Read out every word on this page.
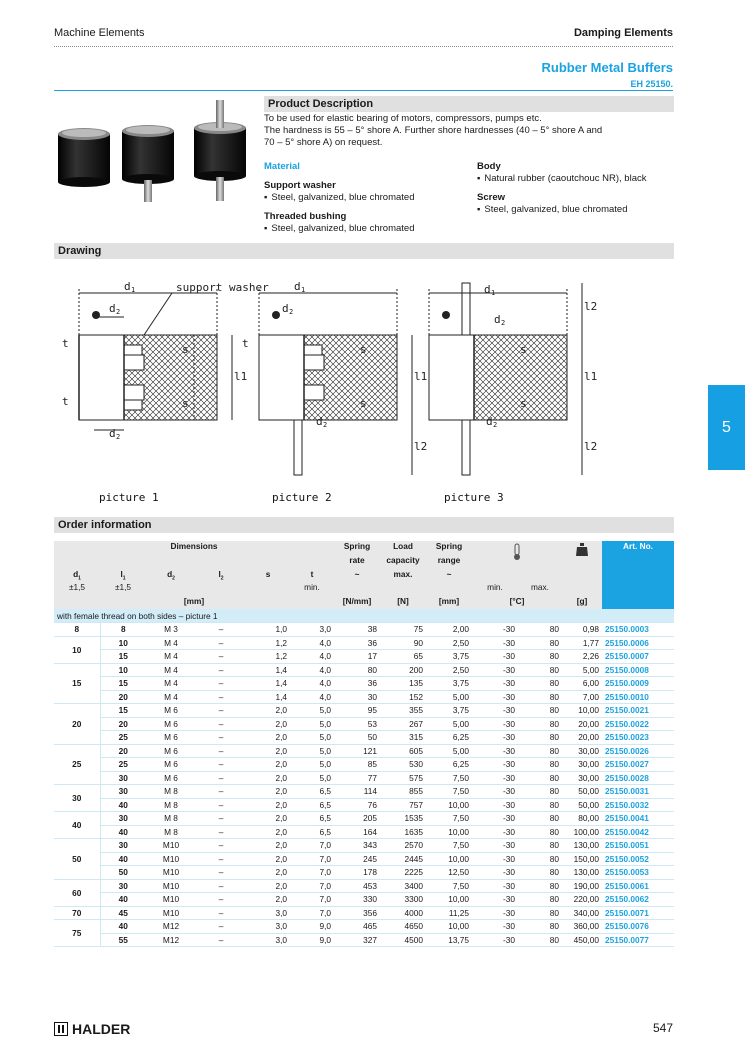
Machine Elements	Damping Elements
Rubber Metal Buffers
EH 25150.
5
Product Description
To be used for elastic bearing of motors, compressors, pumps etc.
The hardness is 55 – 5° shore A. Further shore hardnesses (40 – 5° shore A and
70 – 5° shore A) on request.
Material
Support washer
▪ Steel, galvanized, blue chromated
Threaded bushing
▪ Steel, galvanized, blue chromated
Body
▪ Natural rubber (caoutchouc NR), black
Screw
▪ Steel, galvanized, blue chromated
Drawing
d 1	support washer
d 2
s
s
l1
t
t
d 2
d 1
d 2
s
s
l1
t
d 2
l2
d 1
d 2
s
s
l1
l2
d 2
l2
picture 1	picture 2	picture 3
Order information
Dimensions						Spring	Load	Spring				Art. No.
						rate	capacity	range				
$d_1$	$l_1$	$d_2$	$l_2$	s	t	~	max.	~				
±1,5	±1,5				min.				min.	max.		
[mm]						[N/mm]	[N]	[mm]	[°C]		[g]	
with female thread on both sides – picture 1												
8	8	M 3	–	1,0	3,0	38	75	2,00	-30	80	0,98	25150.0003
10	10	M 4	–	1,2	4,0	36	90	2,50	-30	80	1,77	25150.0006
	15	M 4	–	1,2	4,0	17	65	3,75	-30	80	2,26	25150.0007
15	10	M 4	–	1,4	4,0	80	200	2,50	-30	80	5,00	25150.0008
	15	M 4	–	1,4	4,0	36	135	3,75	-30	80	6,00	25150.0009
	20	M 4	–	1,4	4,0	30	152	5,00	-30	80	7,00	25150.0010
20	15	M 6	–	2,0	5,0	95	355	3,75	-30	80	10,00	25150.0021
	20	M 6	–	2,0	5,0	53	267	5,00	-30	80	20,00	25150.0022
	25	M 6	–	2,0	5,0	50	315	6,25	-30	80	20,00	25150.0023
25	20	M 6	–	2,0	5,0	121	605	5,00	-30	80	30,00	25150.0026
	25	M 6	–	2,0	5,0	85	530	6,25	-30	80	30,00	25150.0027
	30	M 6	–	2,0	5,0	77	575	7,50	-30	80	30,00	25150.0028
30	30	M 8	–	2,0	6,5	114	855	7,50	-30	80	50,00	25150.0031
	40	M 8	–	2,0	6,5	76	757	10,00	-30	80	50,00	25150.0032
40	30	M 8	–	2,0	6,5	205	1535	7,50	-30	80	80,00	25150.0041
	40	M 8	–	2,0	6,5	164	1635	10,00	-30	80	100,00	25150.0042
50	30	M10	–	2,0	7,0	343	2570	7,50	-30	80	130,00	25150.0051
	40	M10	–	2,0	7,0	245	2445	10,00	-30	80	150,00	25150.0052
	50	M10	–	2,0	7,0	178	2225	12,50	-30	80	130,00	25150.0053
60	30	M10	–	2,0	7,0	453	3400	7,50	-30	80	190,00	25150.0061
	40	M10	–	2,0	7,0	330	3300	10,00	-30	80	220,00	25150.0062
70	45	M10	–	3,0	7,0	356	4000	11,25	-30	80	340,00	25150.0071
75	40	M12	–	3,0	9,0	465	4650	10,00	-30	80	360,00	25150.0076
	55	M12	–	3,0	9,0	327	4500	13,75	-30	80	450,00	25150.0077
HALDER	547
